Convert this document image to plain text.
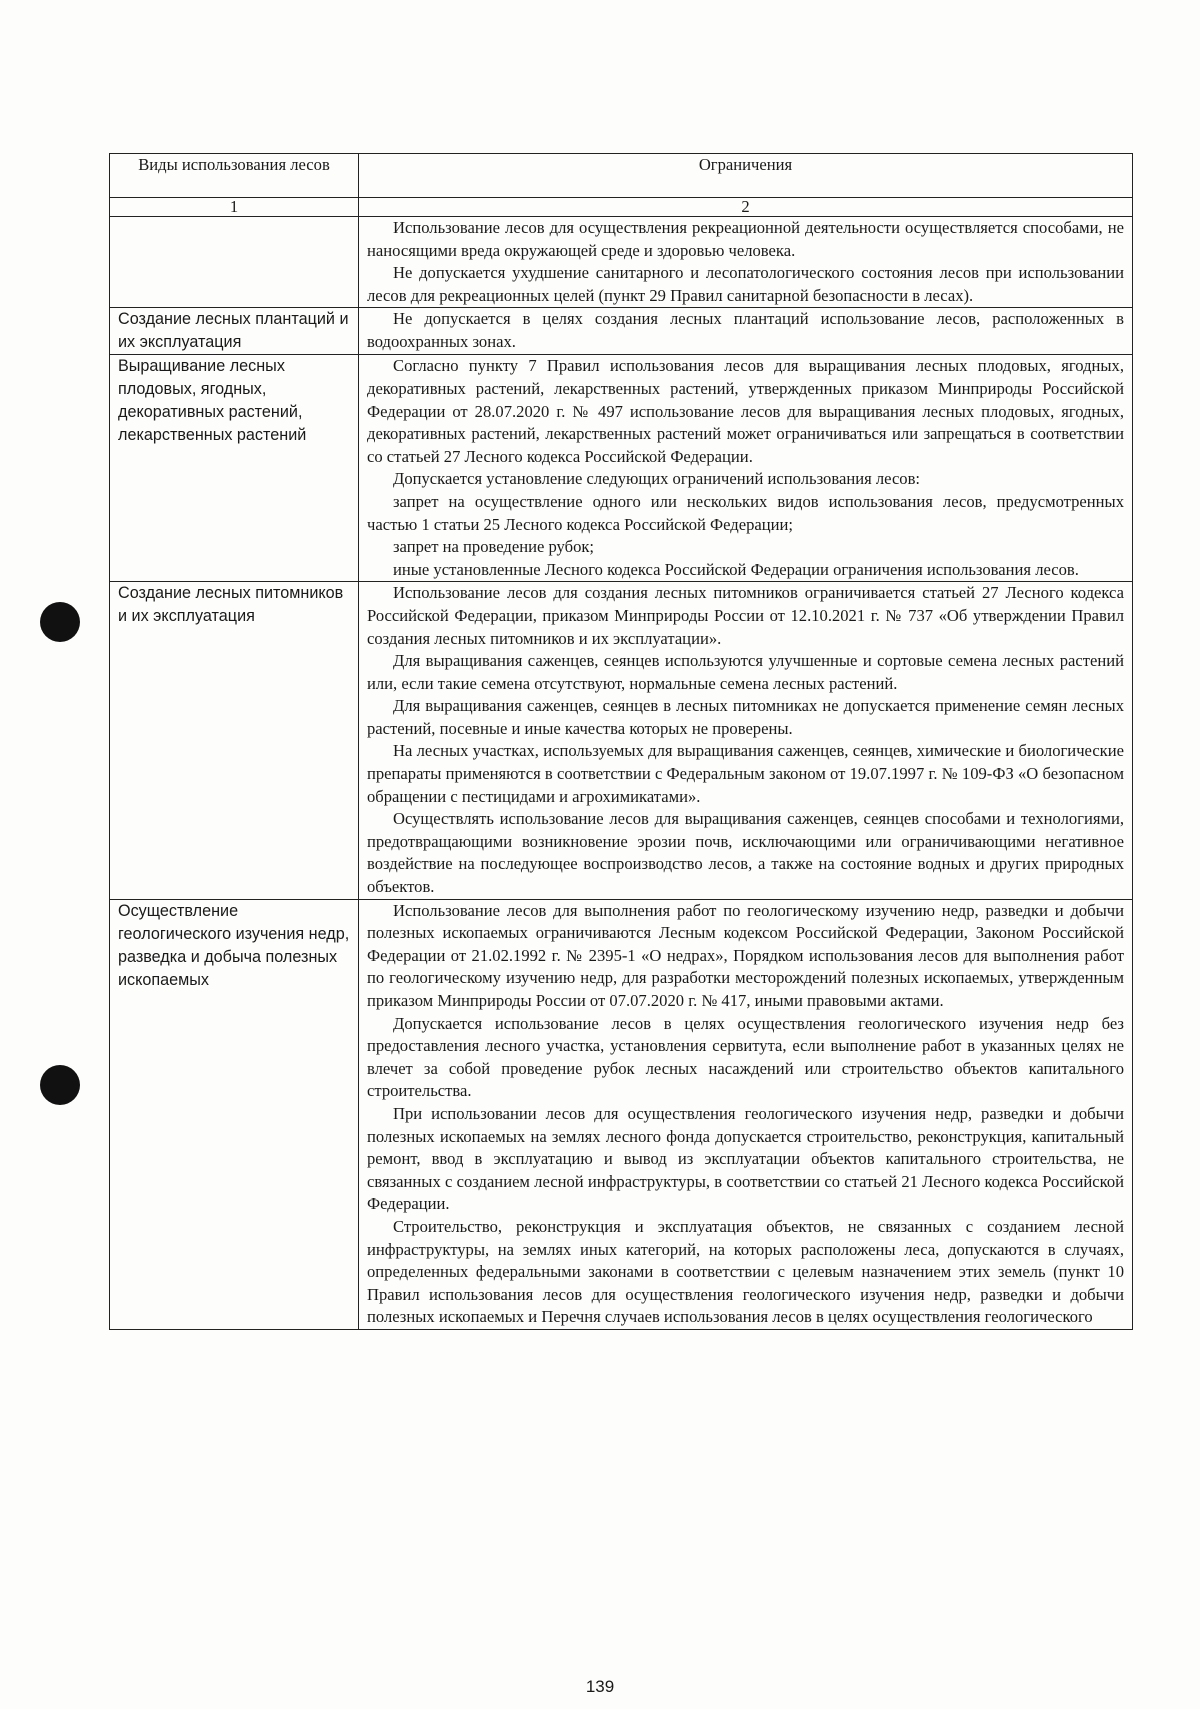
Виды использования лесов	Ограничения
1	2

	Использование лесов для осуществления рекреационной деятельности осуществляется способами, не наносящими вреда окружающей среде и здоровью человека.

Не допускается ухудшение санитарного и лесопатологического состояния лесов при использовании лесов для рекреационных целей (пункт 29 Правил санитарной безопасности в лесах).

Создание лесных плантаций и их эксплуатация	Не допускается в целях создания лесных плантаций использование лесов, расположенных в водоохранных зонах.

Выращивание лесных плодовых, ягодных, декоративных растений, лекарственных растений	Согласно пункту 7 Правил использования лесов для выращивания лесных плодовых, ягодных, декоративных растений, лекарственных растений, утвержденных приказом Минприроды Российской Федерации от 28.07.2020 г. № 497 использование лесов для выращивания лесных плодовых, ягодных, декоративных растений, лекарственных растений может ограничиваться или запрещаться в соответствии со статьей 27 Лесного кодекса Российской Федерации.

Допускается установление следующих ограничений использования лесов:

запрет на осуществление одного или нескольких видов использования лесов, предусмотренных частью 1 статьи 25 Лесного кодекса Российской Федерации;

запрет на проведение рубок;

иные установленные Лесного кодекса Российской Федерации ограничения использования лесов.

Создание лесных питомников и их эксплуатация	Использование лесов для создания лесных питомников ограничивается статьей 27 Лесного кодекса Российской Федерации, приказом Минприроды России от 12.10.2021 г. № 737 «Об утверждении Правил создания лесных питомников и их эксплуатации».

Для выращивания саженцев, сеянцев используются улучшенные и сортовые семена лесных растений или, если такие семена отсутствуют, нормальные семена лесных растений.

Для выращивания саженцев, сеянцев в лесных питомниках не допускается применение семян лесных растений, посевные и иные качества которых не проверены.

На лесных участках, используемых для выращивания саженцев, сеянцев, химические и биологические препараты применяются в соответствии с Федеральным законом от 19.07.1997 г. № 109-ФЗ «О безопасном обращении с пестицидами и агрохимикатами».

Осуществлять использование лесов для выращивания саженцев, сеянцев способами и технологиями, предотвращающими возникновение эрозии почв, исключающими или ограничивающими негативное воздействие на последующее воспроизводство лесов, а также на состояние водных и других природных объектов.

Осуществление геологического изучения недр, разведка и добыча полезных ископаемых	Использование лесов для выполнения работ по геологическому изучению недр, разведки и добычи полезных ископаемых ограничиваются Лесным кодексом Российской Федерации, Законом Российской Федерации от 21.02.1992 г. № 2395-1 «О недрах», Порядком использования лесов для выполнения работ по геологическому изучению недр, для разработки месторождений полезных ископаемых, утвержденным приказом Минприроды России от 07.07.2020 г. № 417, иными правовыми актами.

Допускается использование лесов в целях осуществления геологического изучения недр без предоставления лесного участка, установления сервитута, если выполнение работ в указанных целях не влечет за собой проведение рубок лесных насаждений или строительство объектов капитального строительства.

При использовании лесов для осуществления геологического изучения недр, разведки и добычи полезных ископаемых на землях лесного фонда допускается строительство, реконструкция, капитальный ремонт, ввод в эксплуатацию и вывод из эксплуатации объектов капитального строительства, не связанных с созданием лесной инфраструктуры, в соответствии со статьей 21 Лесного кодекса Российской Федерации.

Строительство, реконструкция и эксплуатация объектов, не связанных с созданием лесной инфраструктуры, на землях иных категорий, на которых расположены леса, допускаются в случаях, определенных федеральными законами в соответствии с целевым назначением этих земель (пункт 10 Правил использования лесов для осуществления геологического изучения недр, разведки и добычи полезных ископаемых и Перечня случаев использования лесов в целях осуществления геологического

139
